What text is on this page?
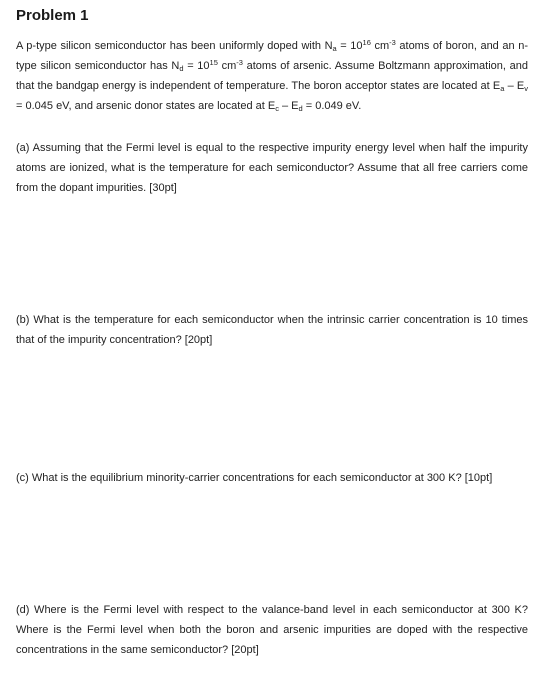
Problem 1

A p-type silicon semiconductor has been uniformly doped with $Na = 10^{16}$ $cm^{-3}$ atoms of boron, and an n-type silicon semiconductor has $Nd = 10^{15}$ $cm^{-3}$ atoms of arsenic. Assume Boltzmann approximation, and that the bandgap energy is independent of temperature. The boron acceptor states are located at Ea – Ev = 0.045 eV, and arsenic donor states are located at Ec – Ed = 0.049 eV.

(a) Assuming that the Fermi level is equal to the respective impurity energy level when half the impurity atoms are ionized, what is the temperature for each semiconductor? Assume that all free carriers come from the dopant impurities. [30pt]

(b) What is the temperature for each semiconductor when the intrinsic carrier concentration is 10 times that of the impurity concentration? [20pt]

(c) What is the equilibrium minority-carrier concentrations for each semiconductor at 300 K? [10pt]

(d) Where is the Fermi level with respect to the valance-band level in each semiconductor at 300 K? Where is the Fermi level when both the boron and arsenic impurities are doped with the respective concentrations in the same semiconductor? [20pt]
